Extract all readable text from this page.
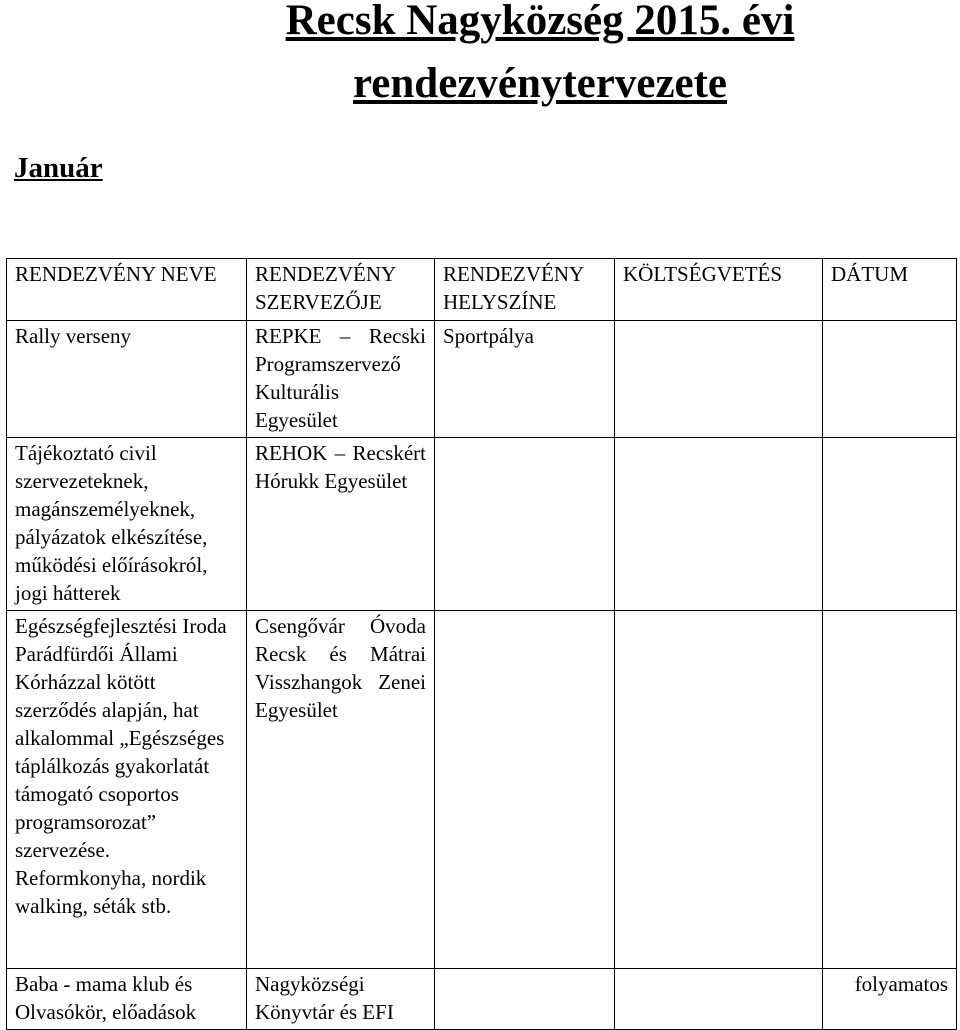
Recsk Nagyközség 2015. évi
rendezvénytervezete
Január
RENDEZVÉNY NEVE	RENDEZVÉNY SZERVEZŐJE	RENDEZVÉNY HELYSZÍNE	KÖLTSÉGVETÉS	DÁTUM
Rally verseny	REPKE – Recski Programszervező Kulturális Egyesület	Sportpálya		
Tájékoztató civil szervezeteknek, magánszemélyeknek, pályázatok elkészítése, működési előírásokról, jogi hátterek	REHOK – Recskért Hórukk Egyesület			
Egészségfejlesztési Iroda Parádfürdői Állami Kórházzal kötött szerződés alapján, hat alkalommal „Egészséges táplálkozás gyakorlatát támogató csoportos programsorozat” szervezése. Reformkonyha, nordik walking, séták stb.	Csengővár Óvoda Recsk és Mátrai Visszhangok Zenei Egyesület			
Baba - mama klub és Olvasókör, előadások	Nagyközségi Könyvtár és EFI			folyamatos
